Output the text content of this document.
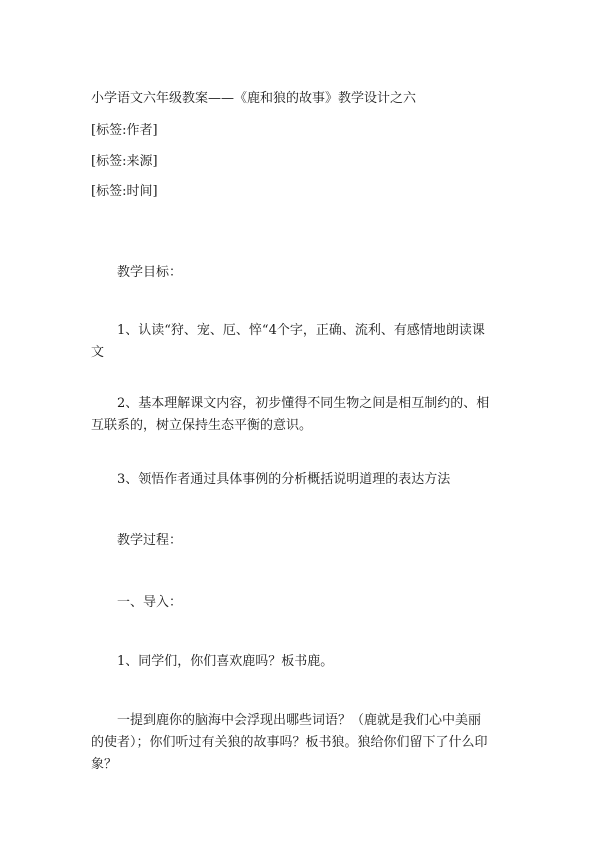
小学语文六年级教案——《鹿和狼的故事》教学设计之六

[标签:作者]

[标签:来源]

[标签:时间]

教学目标：

1、认读“狩、宠、厄、悴“4个字，正确、流利、有感情地朗读课文

2、基本理解课文内容，初步懂得不同生物之间是相互制约的、相互联系的，树立保持生态平衡的意识。

3、领悟作者通过具体事例的分析概括说明道理的表达方法

教学过程：

一、导入：

1、同学们，你们喜欢鹿吗？板书鹿。

一提到鹿你的脑海中会浮现出哪些词语？（鹿就是我们心中美丽的使者）；你们听过有关狼的故事吗？板书狼。狼给你们留下了什么印象？
